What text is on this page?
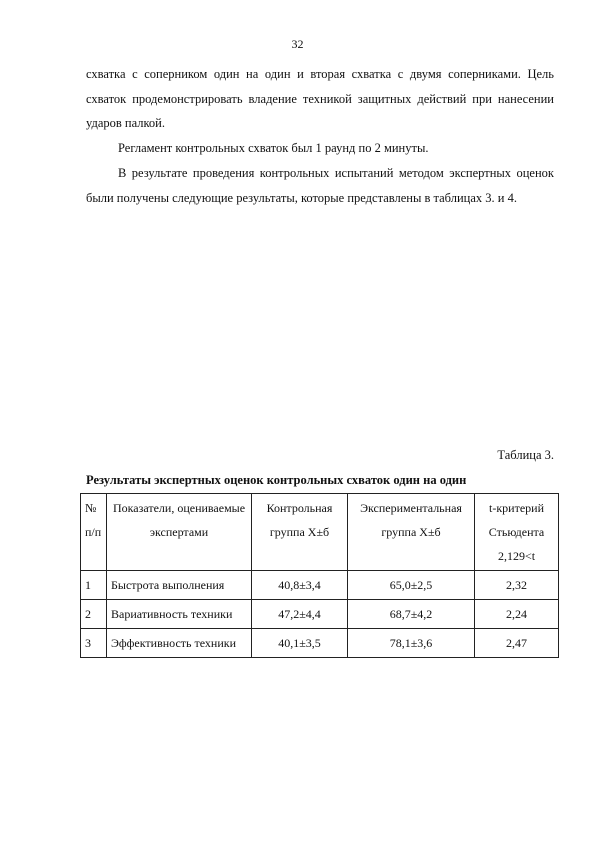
32

схватка с соперником один на один и вторая схватка с двумя соперниками. Цель схваток продемонстрировать владение техникой защитных действий при нанесении ударов палкой.

Регламент контрольных схваток был 1 раунд по 2 минуты.

В результате проведения контрольных испытаний методом экспертных оценок были получены следующие результаты, которые представлены в таблицах 3. и 4.

Таблица 3.
Результаты экспертных оценок контрольных схваток один на один
№ п/п	Показатели, оцениваемые экспертами	Контрольная группа Х±б	Экспериментальная группа Х±б	t-критерий Стьюдента 2,129<t
1	Быстрота выполнения	40,8±3,4	65,0±2,5	2,32
2	Вариативность техники	47,2±4,4	68,7±4,2	2,24
3	Эффективность техники	40,1±3,5	78,1±3,6	2,47
